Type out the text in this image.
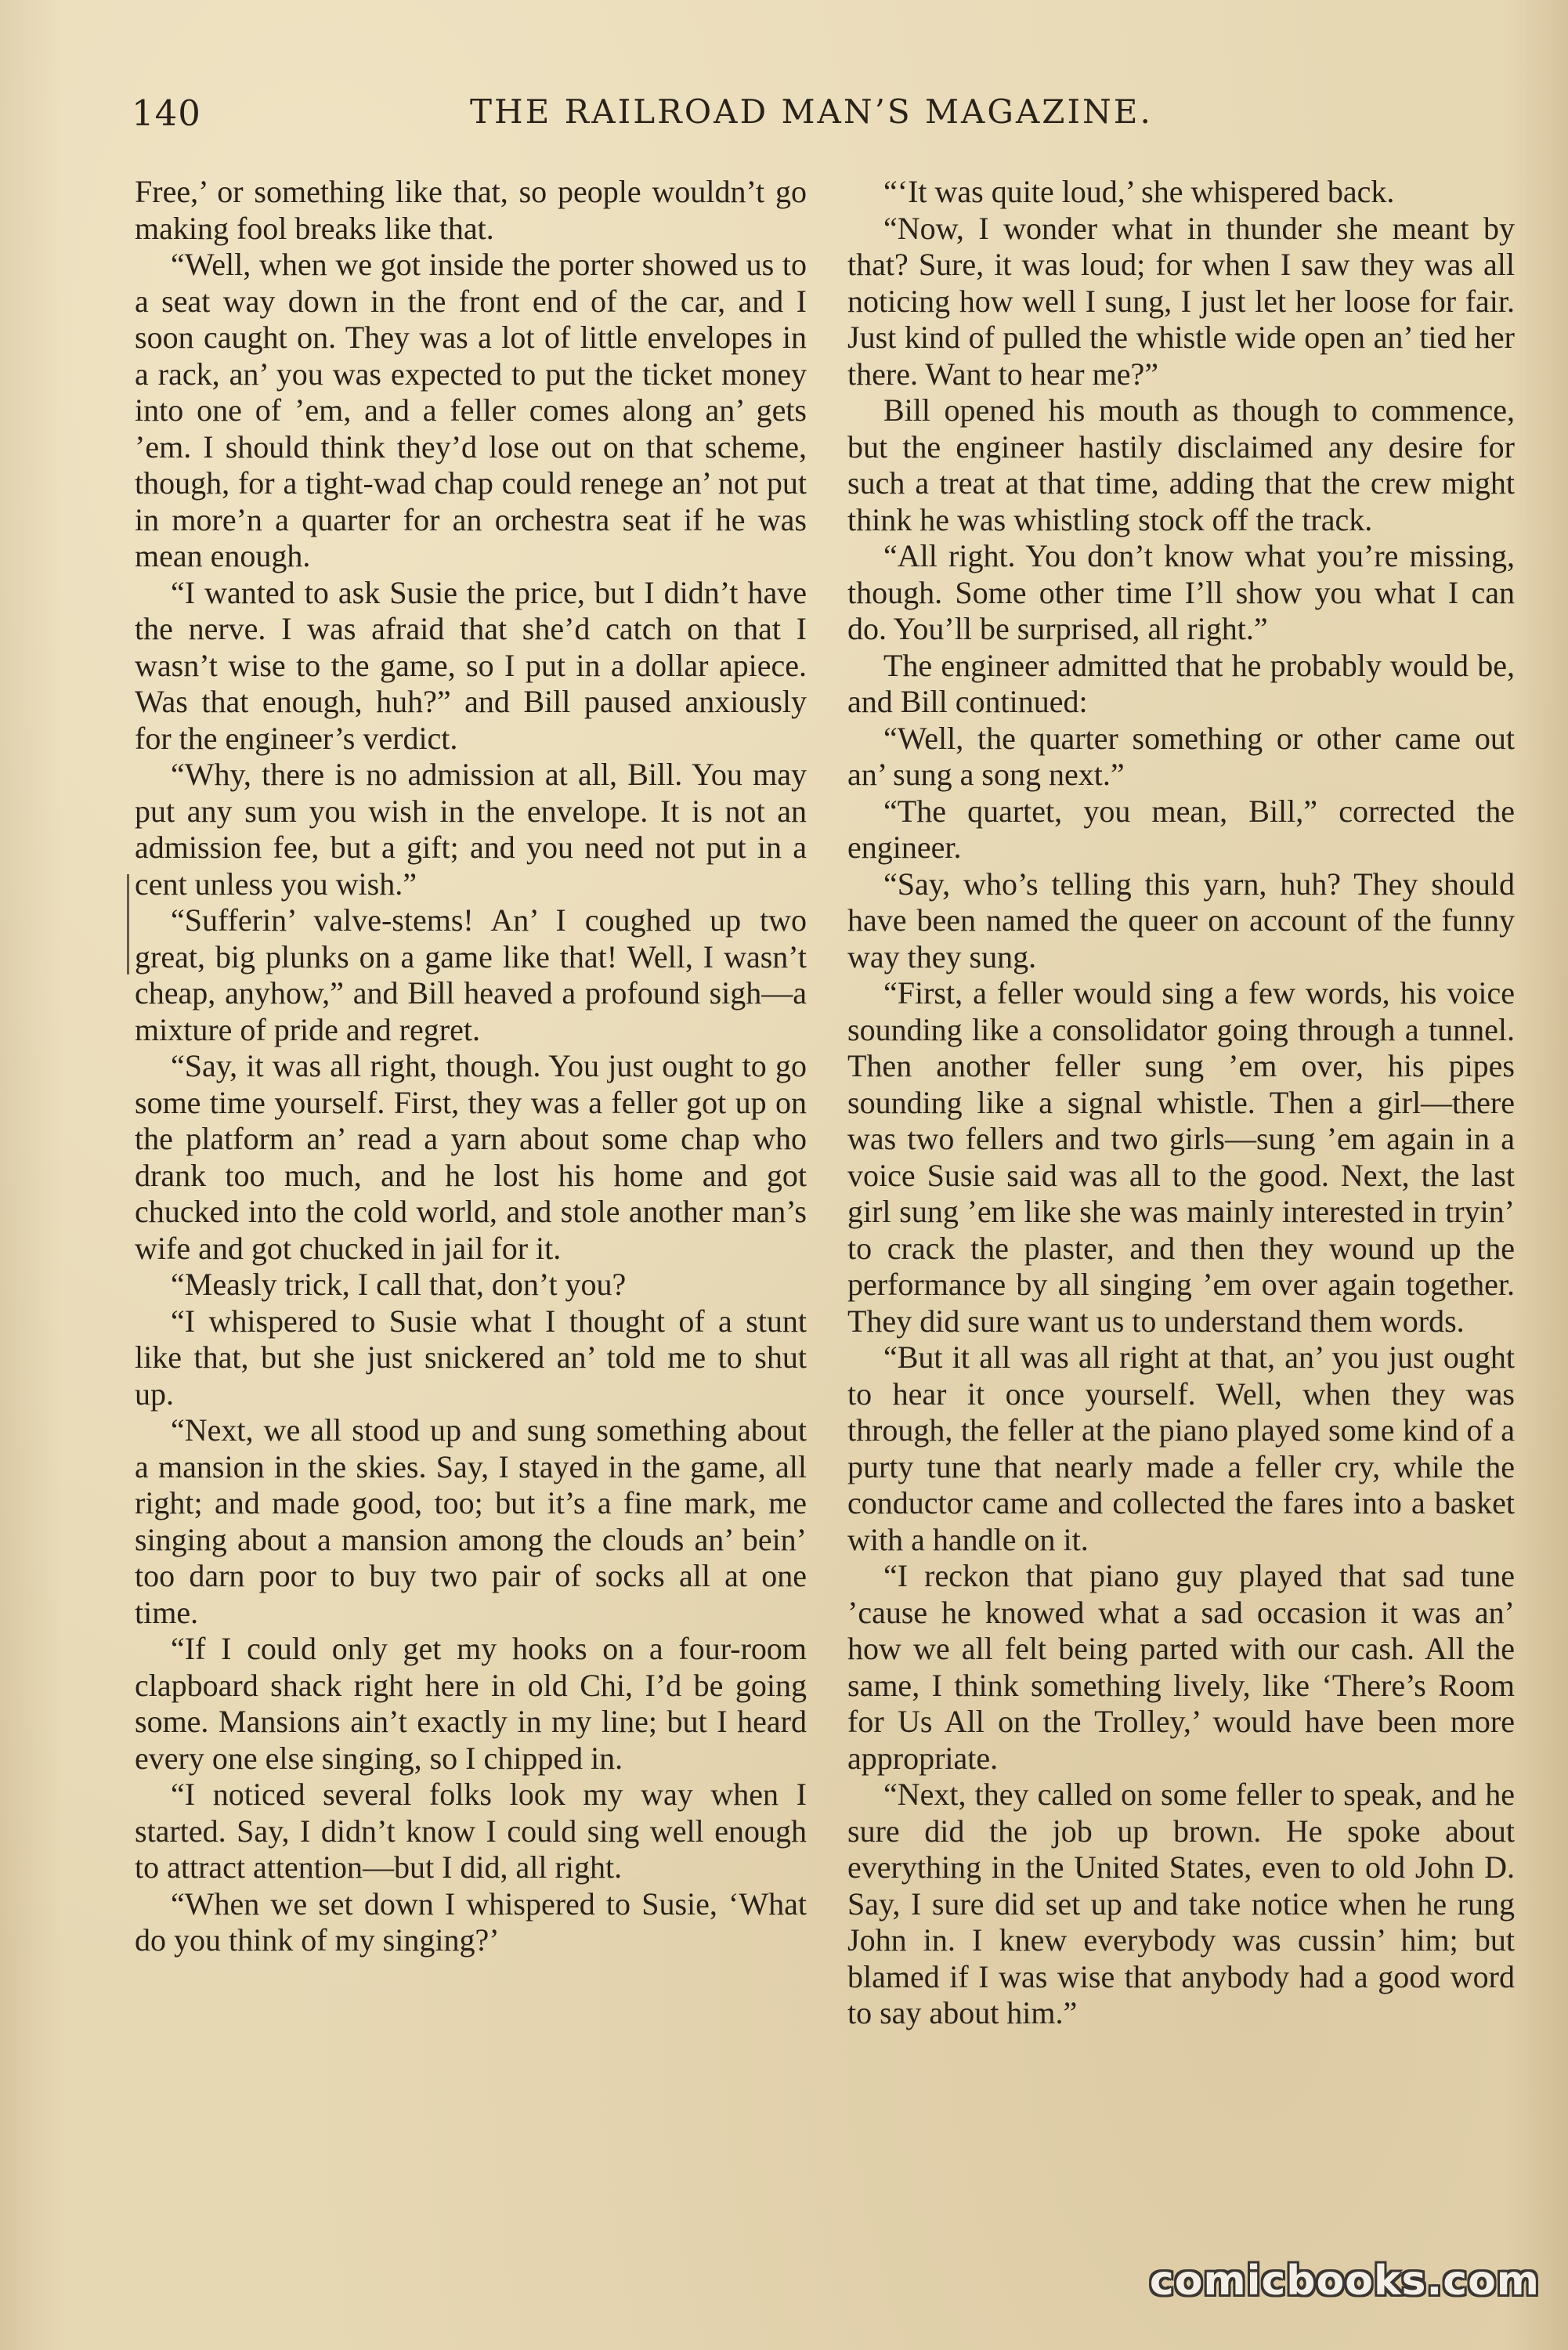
140	THE RAILROAD MAN’S MAGAZINE.

Free,’ or something like that, so people wouldn’t go making fool breaks like that.

“Well, when we got inside the porter showed us to a seat way down in the front end of the car, and I soon caught on. They was a lot of little envelopes in a rack, an’ you was expected to put the ticket money into one of ’em, and a feller comes along an’ gets ’em. I should think they’d lose out on that scheme, though, for a tight-wad chap could renege an’ not put in more’n a quarter for an orchestra seat if he was mean enough.

“I wanted to ask Susie the price, but I didn’t have the nerve. I was afraid that she’d catch on that I wasn’t wise to the game, so I put in a dollar apiece. Was that enough, huh?” and Bill paused anxiously for the engineer’s verdict.

“Why, there is no admission at all, Bill. You may put any sum you wish in the envelope. It is not an admission fee, but a gift; and you need not put in a cent unless you wish.”

“Sufferin’ valve-stems! An’ I coughed up two great, big plunks on a game like that! Well, I wasn’t cheap, anyhow,” and Bill heaved a profound sigh—a mixture of pride and regret.

“Say, it was all right, though. You just ought to go some time yourself. First, they was a feller got up on the platform an’ read a yarn about some chap who drank too much, and he lost his home and got chucked into the cold world, and stole another man’s wife and got chucked in jail for it.

“Measly trick, I call that, don’t you?

“I whispered to Susie what I thought of a stunt like that, but she just snickered an’ told me to shut up.

“Next, we all stood up and sung something about a mansion in the skies. Say, I stayed in the game, all right; and made good, too; but it’s a fine mark, me singing about a mansion among the clouds an’ bein’ too darn poor to buy two pair of socks all at one time.

“If I could only get my hooks on a four-room clapboard shack right here in old Chi, I’d be going some. Mansions ain’t exactly in my line; but I heard every one else singing, so I chipped in.

“I noticed several folks look my way when I started. Say, I didn’t know I could sing well enough to attract attention—but I did, all right.

“When we set down I whispered to Susie, ‘What do you think of my singing?’

“‘It was quite loud,’ she whispered back.

“Now, I wonder what in thunder she meant by that? Sure, it was loud; for when I saw they was all noticing how well I sung, I just let her loose for fair. Just kind of pulled the whistle wide open an’ tied her there. Want to hear me?”

Bill opened his mouth as though to commence, but the engineer hastily disclaimed any desire for such a treat at that time, adding that the crew might think he was whistling stock off the track.

“All right. You don’t know what you’re missing, though. Some other time I’ll show you what I can do. You’ll be surprised, all right.”

The engineer admitted that he probably would be, and Bill continued:

“Well, the quarter something or other came out an’ sung a song next.”

“The quartet, you mean, Bill,” corrected the engineer.

“Say, who’s telling this yarn, huh? They should have been named the queer on account of the funny way they sung.

“First, a feller would sing a few words, his voice sounding like a consolidator going through a tunnel. Then another feller sung ’em over, his pipes sounding like a signal whistle. Then a girl—there was two fellers and two girls—sung ’em again in a voice Susie said was all to the good. Next, the last girl sung ’em like she was mainly interested in tryin’ to crack the plaster, and then they wound up the performance by all singing ’em over again together. They did sure want us to understand them words.

“But it all was all right at that, an’ you just ought to hear it once yourself. Well, when they was through, the feller at the piano played some kind of a purty tune that nearly made a feller cry, while the conductor came and collected the fares into a basket with a handle on it.

“I reckon that piano guy played that sad tune ’cause he knowed what a sad occasion it was an’ how we all felt being parted with our cash. All the same, I think something lively, like ‘There’s Room for Us All on the Trolley,’ would have been more appropriate.

“Next, they called on some feller to speak, and he sure did the job up brown. He spoke about everything in the United States, even to old John D. Say, I sure did set up and take notice when he rung John in. I knew everybody was cussin’ him; but blamed if I was wise that anybody had a good word to say about him.”

comicbooks.com
